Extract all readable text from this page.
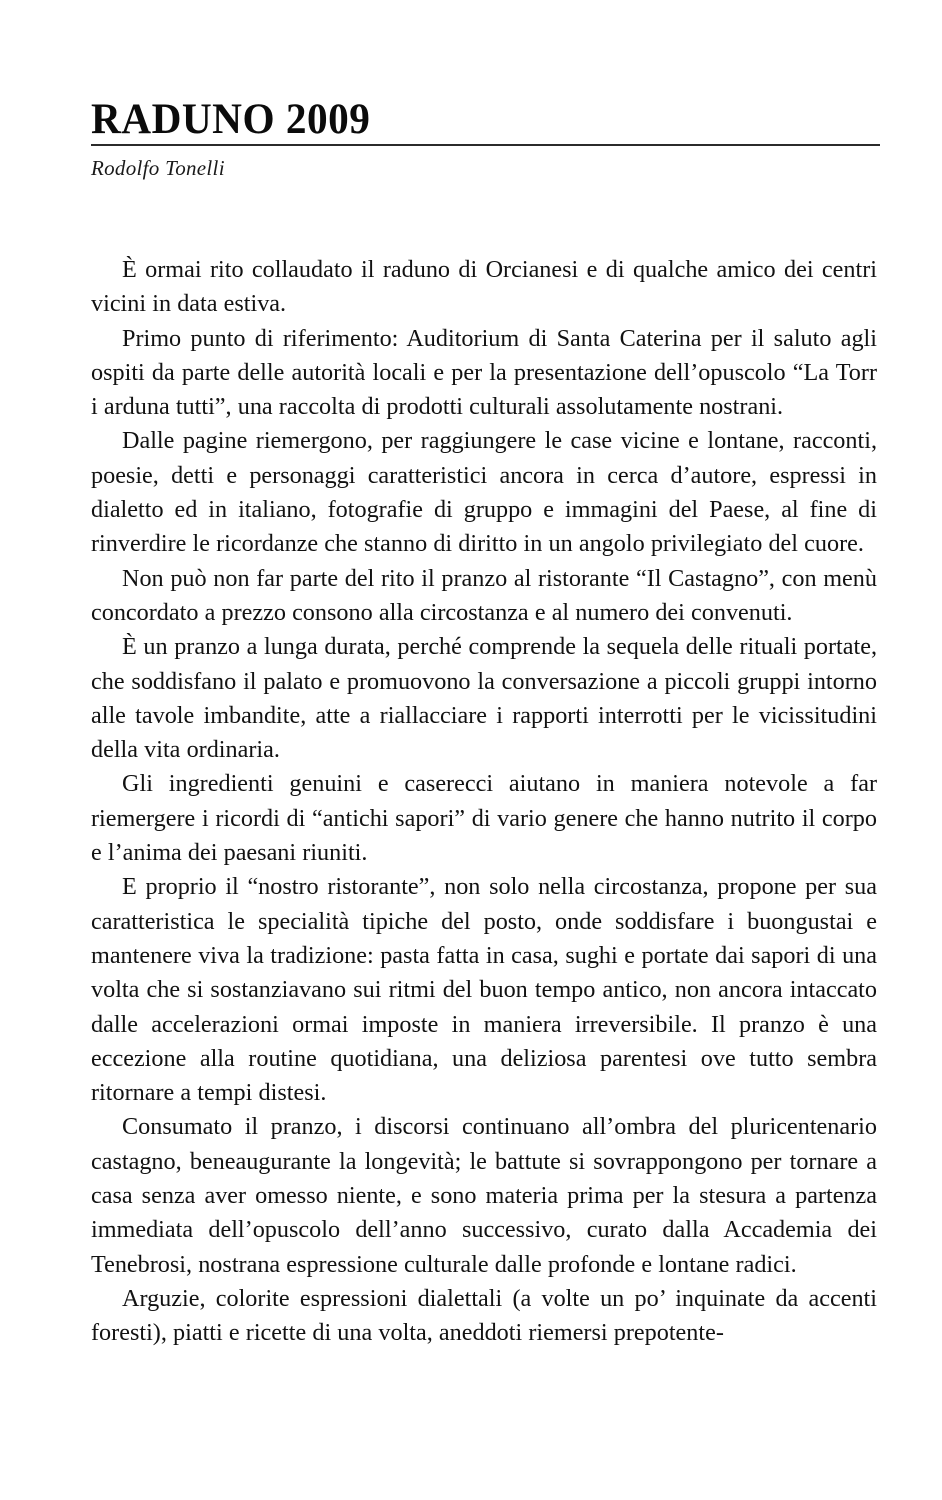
RADUNO 2009
Rodolfo Tonelli

È ormai rito collaudato il raduno di Orcianesi e di qualche amico dei centri vicini in data estiva.

Primo punto di riferimento: Auditorium di Santa Caterina per il saluto agli ospiti da parte delle autorità locali e per la presentazione dell’opuscolo “La Torr i arduna tutti”, una raccolta di prodotti culturali assolutamente nostrani.

Dalle pagine riemergono, per raggiungere le case vicine e lontane, racconti, poesie, detti e personaggi caratteristici ancora in cerca d’autore, espressi in dialetto ed in italiano, fotografie di gruppo e immagini del Paese, al fine di rinverdire le ricordanze che stanno di diritto in un angolo privilegiato del cuore.

Non può non far parte del rito il pranzo al ristorante “Il Castagno”, con menù concordato a prezzo consono alla circostanza e al numero dei convenuti.

È un pranzo a lunga durata, perché comprende la sequela delle rituali portate, che soddisfano il palato e promuovono la conversazione a piccoli gruppi intorno alle tavole imbandite, atte a riallacciare i rapporti interrotti per le vicissitudini della vita ordinaria.

Gli ingredienti genuini e caserecci aiutano in maniera notevole a far riemergere i ricordi di “antichi sapori” di vario genere che hanno nutrito il corpo e l’anima dei paesani riuniti.

E proprio il “nostro ristorante”, non solo nella circostanza, propone per sua caratteristica le specialità tipiche del posto, onde soddisfare i buongustai e mantenere viva la tradizione: pasta fatta in casa, sughi e portate dai sapori di una volta che si sostanziavano sui ritmi del buon tempo antico, non ancora intaccato dalle accelerazioni ormai imposte in maniera irreversibile. Il pranzo è una eccezione alla routine quotidiana, una deliziosa parentesi ove tutto sembra ritornare a tempi distesi.

Consumato il pranzo, i discorsi continuano all’ombra del pluricentenario castagno, beneaugurante la longevità; le battute si sovrappongono per tornare a casa senza aver omesso niente, e sono materia prima per la stesura a partenza immediata dell’opuscolo dell’anno successivo, curato dalla Accademia dei Tenebrosi, nostrana espressione culturale dalle profonde e lontane radici.

Arguzie, colorite espressioni dialettali (a volte un po’ inquinate da accenti foresti), piatti e ricette di una volta, aneddoti riemersi prepotente-
